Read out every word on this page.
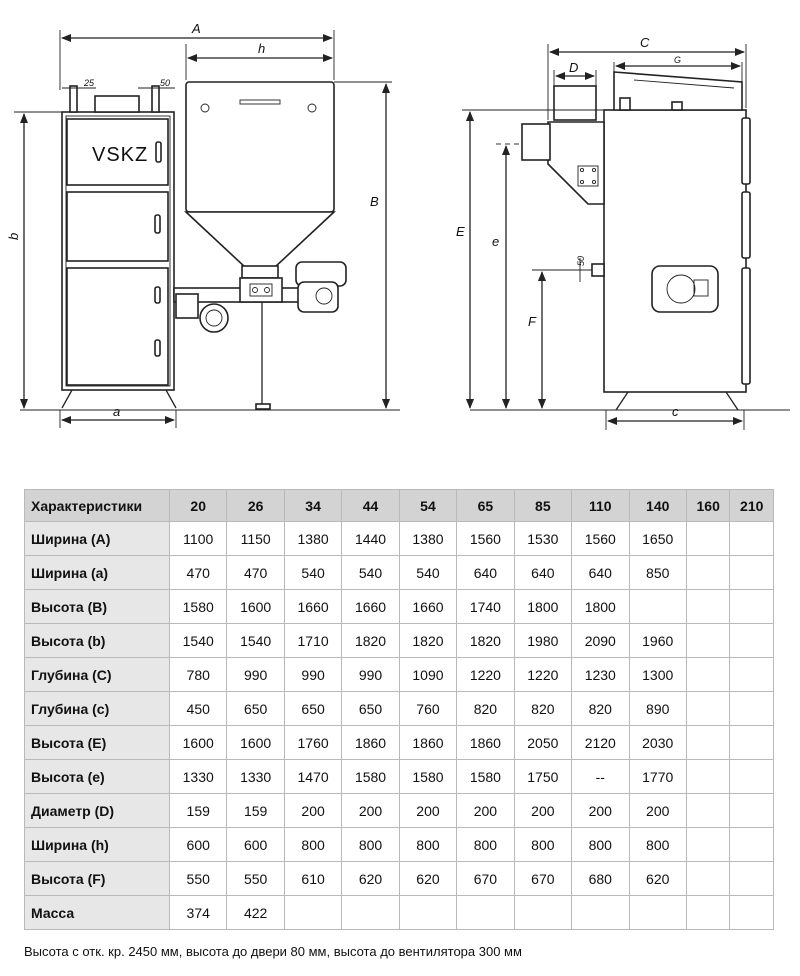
VSKZ
A
h
25	50
b
B
a
C
G
D
E
e
F
50
c
Характеристики	20	26	34	44	54	65	85	110	140	160	210
Ширина (A)	1100	1150	1380	1440	1380	1560	1530	1560	1650		
Ширина (a)	470	470	540	540	540	640	640	640	850		
Высота (B)	1580	1600	1660	1660	1660	1740	1800	1800			
Высота (b)	1540	1540	1710	1820	1820	1820	1980	2090	1960		
Глубина (C)	780	990	990	990	1090	1220	1220	1230	1300		
Глубина (c)	450	650	650	650	760	820	820	820	890		
Высота (E)	1600	1600	1760	1860	1860	1860	2050	2120	2030		
Высота (e)	1330	1330	1470	1580	1580	1580	1750	--	1770		
Диаметр (D)	159	159	200	200	200	200	200	200	200		
Ширина (h)	600	600	800	800	800	800	800	800	800		
Высота (F)	550	550	610	620	620	670	670	680	620		
Масса	374	422									
Высота с отк. кр. 2450 мм, высота до двери 80 мм, высота до вентилятора 300 мм
